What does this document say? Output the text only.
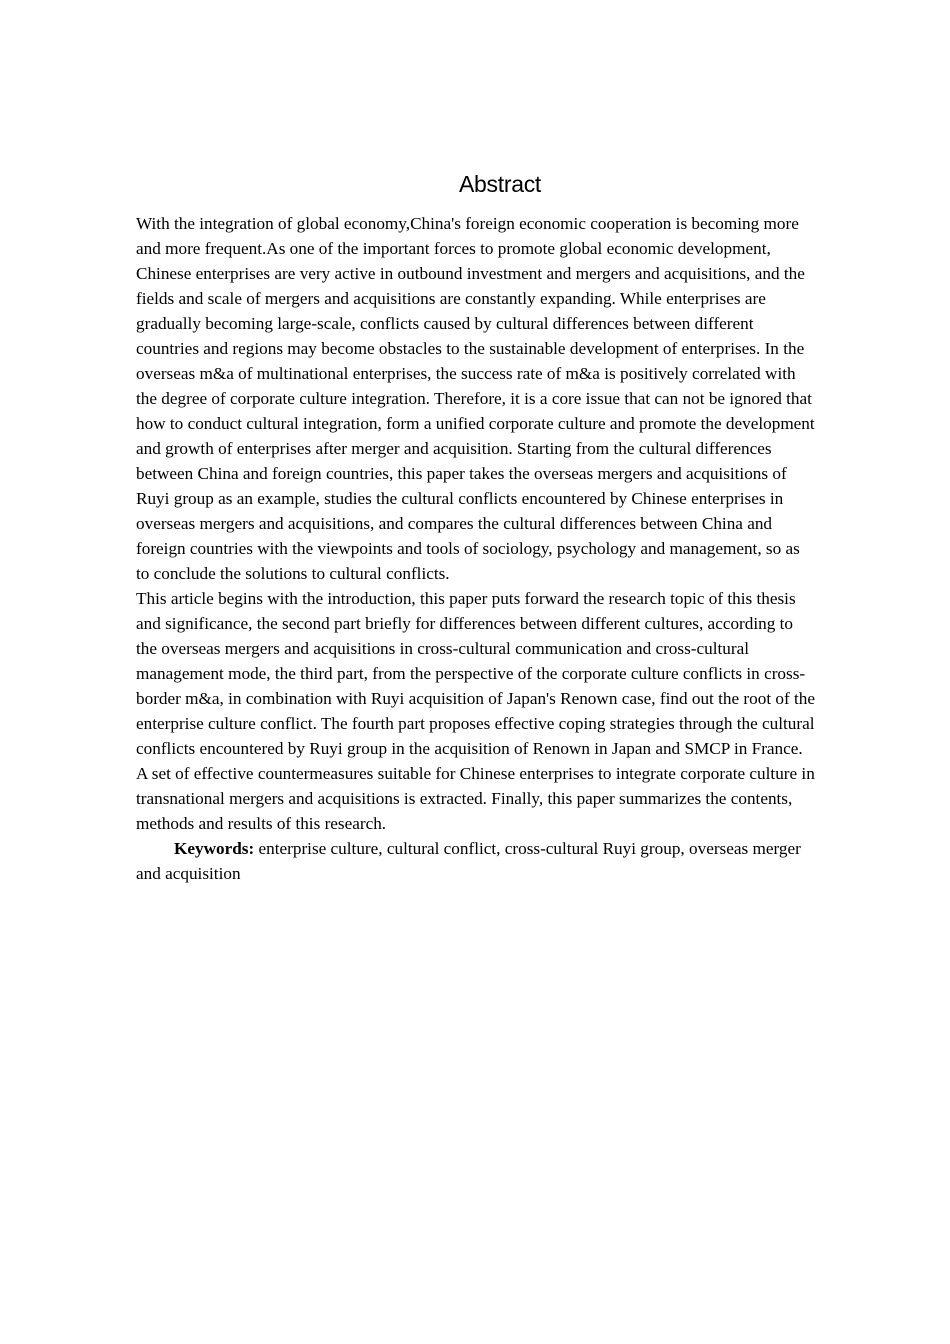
Abstract

With the integration of global economy,China's foreign economic cooperation is becoming more and more frequent.As one of the important forces to promote global economic development, Chinese enterprises are very active in outbound investment and mergers and acquisitions, and the fields and scale of mergers and acquisitions are constantly expanding. While enterprises are gradually becoming large-scale, conflicts caused by cultural differences between different countries and regions may become obstacles to the sustainable development of enterprises. In the overseas m&a of multinational enterprises, the success rate of m&a is positively correlated with the degree of corporate culture integration. Therefore, it is a core issue that can not be ignored that how to conduct cultural integration, form a unified corporate culture and promote the development and growth of enterprises after merger and acquisition. Starting from the cultural differences between China and foreign countries, this paper takes the overseas mergers and acquisitions of Ruyi group as an example, studies the cultural conflicts encountered by Chinese enterprises in overseas mergers and acquisitions, and compares the cultural differences between China and foreign countries with the viewpoints and tools of sociology, psychology and management, so as to conclude the solutions to cultural conflicts.

This article begins with the introduction, this paper puts forward the research topic of this thesis and significance, the second part briefly for differences between different cultures, according to the overseas mergers and acquisitions in cross-cultural communication and cross-cultural management mode, the third part, from the perspective of the corporate culture conflicts in cross-border m&a, in combination with Ruyi acquisition of Japan's Renown case, find out the root of the enterprise culture conflict. The fourth part proposes effective coping strategies through the cultural conflicts encountered by Ruyi group in the acquisition of Renown in Japan and SMCP in France. A set of effective countermeasures suitable for Chinese enterprises to integrate corporate culture in transnational mergers and acquisitions is extracted. Finally, this paper summarizes the contents, methods and results of this research.

Keywords: enterprise culture, cultural conflict, cross-cultural Ruyi group, overseas merger and acquisition
